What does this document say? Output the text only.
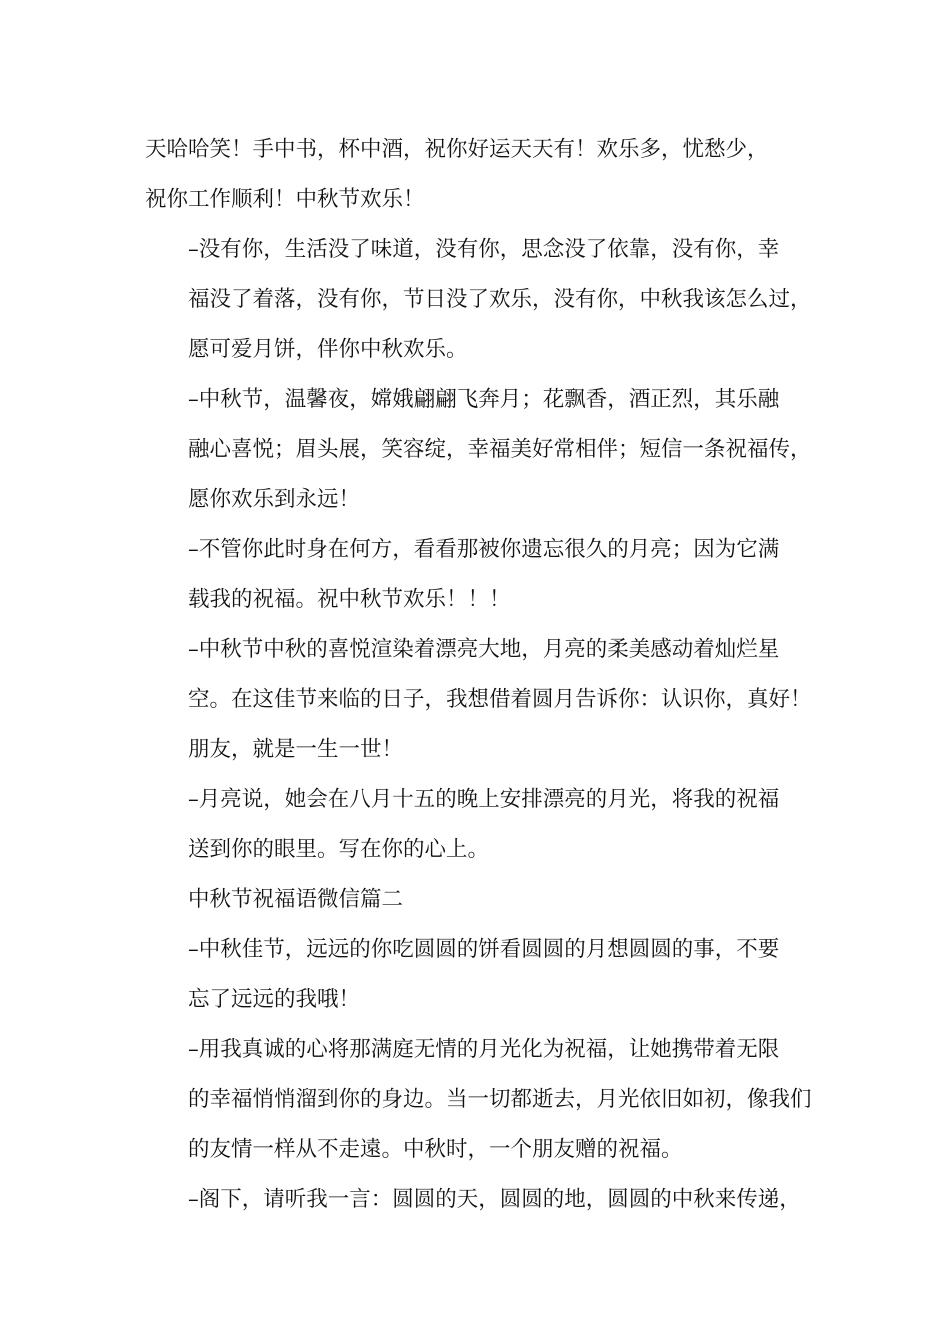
天哈哈笑！手中书，杯中酒，祝你好运天天有！欢乐多，忧愁少，
祝你工作顺利！中秋节欢乐！
–没有你，生活没了味道，没有你，思念没了依靠，没有你，幸
福没了着落，没有你，节日没了欢乐，没有你，中秋我该怎么过，
愿可爱月饼，伴你中秋欢乐。
–中秋节，温馨夜，嫦娥翩翩飞奔月；花飘香，酒正烈，其乐融
融心喜悦；眉头展，笑容绽，幸福美好常相伴；短信一条祝福传，
愿你欢乐到永远！
–不管你此时身在何方，看看那被你遗忘很久的月亮；因为它满
载我的祝福。祝中秋节欢乐！！！
–中秋节中秋的喜悦渲染着漂亮大地，月亮的柔美感动着灿烂星
空。在这佳节来临的日子，我想借着圆月告诉你：认识你，真好！
朋友，就是一生一世！
–月亮说，她会在八月十五的晚上安排漂亮的月光，将我的祝福
送到你的眼里。写在你的心上。
中秋节祝福语微信篇二
–中秋佳节，远远的你吃圆圆的饼看圆圆的月想圆圆的事，不要
忘了远远的我哦！
–用我真诚的心将那满庭无情的月光化为祝福，让她携带着无限
的幸福悄悄溜到你的身边。当一切都逝去，月光依旧如初，像我们
的友情一样从不走遠。中秋时，一个朋友赠的祝福。
–阁下，请听我一言：圆圆的天，圆圆的地，圆圆的中秋来传递，
